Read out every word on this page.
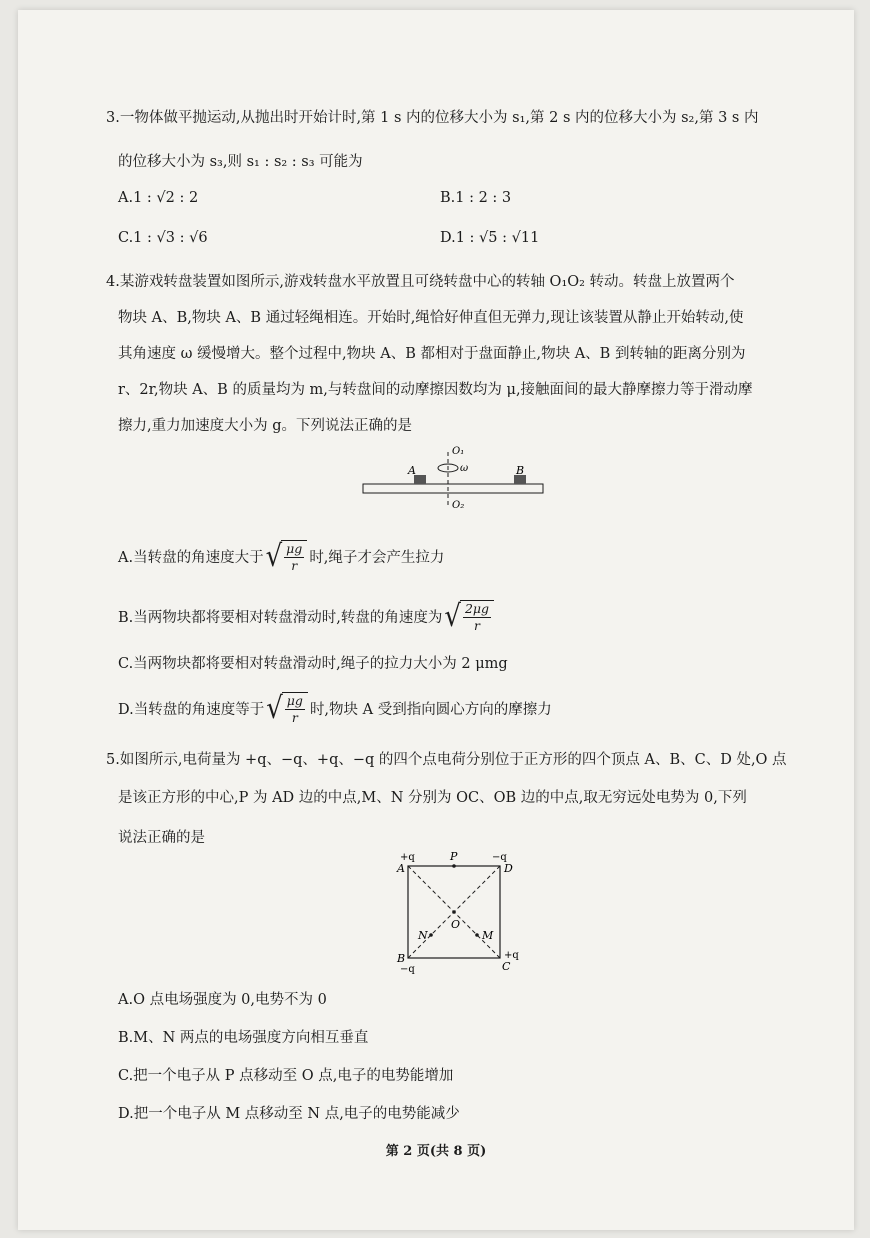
3.一物体做平抛运动,从抛出时开始计时,第 1 s 内的位移大小为 s₁,第 2 s 内的位移大小为 s₂,第 3 s 内
的位移大小为 s₃,则 s₁ : s₂ : s₃ 可能为
A.1 : √2 : 2	B.1 : 2 : 3
C.1 : √3 : √6	D.1 : √5 : √11
4.某游戏转盘装置如图所示,游戏转盘水平放置且可绕转盘中心的转轴 O₁O₂ 转动。转盘上放置两个
物块 A、B,物块 A、B 通过轻绳相连。开始时,绳恰好伸直但无弹力,现让该装置从静止开始转动,使
其角速度 ω 缓慢增大。整个过程中,物块 A、B 都相对于盘面静止,物块 A、B 到转轴的距离分别为
r、2r,物块 A、B 的质量均为 m,与转盘间的动摩擦因数均为 μ,接触面间的最大静摩擦力等于滑动摩
擦力,重力加速度大小为 g。下列说法正确的是
A	B
O₁
O₂
ω
A.当转盘的角速度大于 √ $\frac{\mu g}{r}$ 时,绳子才会产生拉力
B.当两物块都将要相对转盘滑动时,转盘的角速度为 √ $\frac{2\mu g}{r}$
C.当两物块都将要相对转盘滑动时,绳子的拉力大小为 2 μmg
D.当转盘的角速度等于 √ $\frac{\mu g}{r}$ 时,物块 A 受到指向圆心方向的摩擦力
5.如图所示,电荷量为 +q、−q、+q、−q 的四个点电荷分别位于正方形的四个顶点 A、B、C、D 处,O 点
是该正方形的中心,P 为 AD 边的中点,M、N 分别为 OC、OB 边的中点,取无穷远处电势为 0,下列
说法正确的是
A
B
C
D
P
O
M
N
+q
−q
+q
−q
A.O 点电场强度为 0,电势不为 0
B.M、N 两点的电场强度方向相互垂直
C.把一个电子从 P 点移动至 O 点,电子的电势能增加
D.把一个电子从 M 点移动至 N 点,电子的电势能减少
第 2 页(共 8 页)
